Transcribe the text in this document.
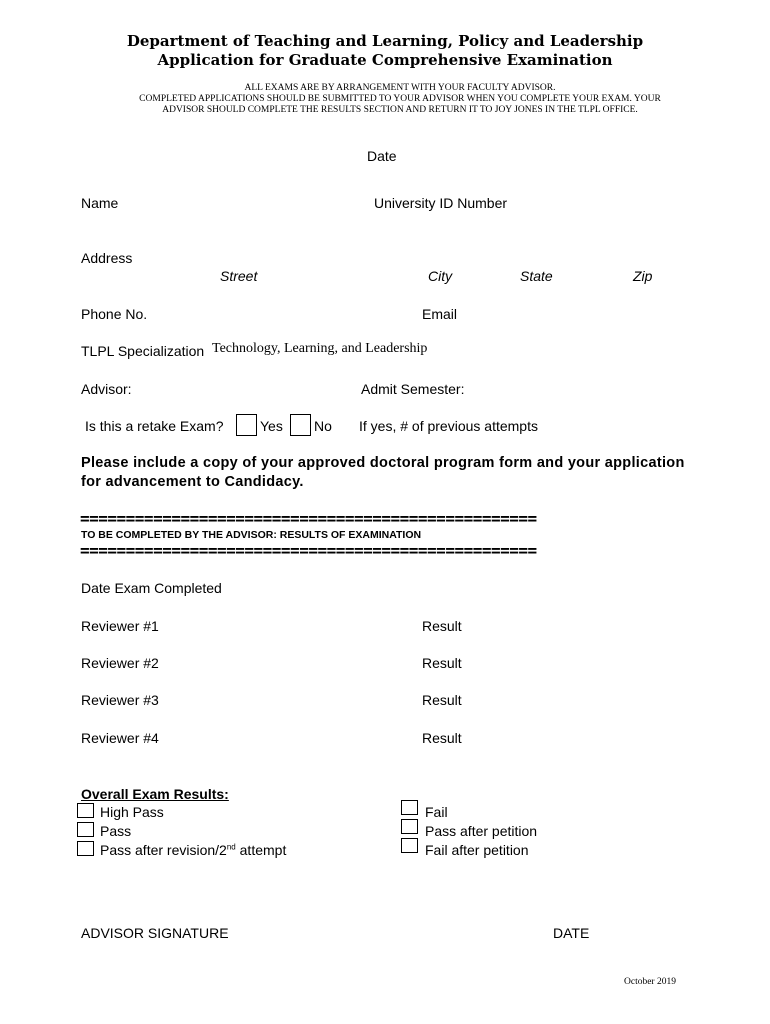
Department of Teaching and Learning, Policy and Leadership
Application for Graduate Comprehensive Examination
ALL EXAMS ARE BY ARRANGEMENT WITH YOUR FACULTY ADVISOR.
COMPLETED APPLICATIONS SHOULD BE SUBMITTED TO YOUR ADVISOR WHEN YOU COMPLETE YOUR EXAM. YOUR
ADVISOR SHOULD COMPLETE THE RESULTS SECTION AND RETURN IT TO JOY JONES IN THE TLPL OFFICE.
Date
Name	University ID Number
Address
Street	City	State	Zip
Phone No.	Email
TLPL Specialization Technology, Learning, and Leadership
Advisor:	Admit Semester:
Is this a retake Exam?	Yes No If yes, # of previous attempts
Please include a copy of your approved doctoral program form and your application
for advancement to Candidacy.
==================================================
TO BE COMPLETED BY THE ADVISOR: RESULTS OF EXAMINATION
==================================================
Date Exam Completed
Reviewer #1	Result
Reviewer #2	Result
Reviewer #3	Result
Reviewer #4	Result
Overall Exam Results:
High Pass
Pass
Pass after revision/2nd attempt
Fail
Pass after petition
Fail after petition
ADVISOR SIGNATURE	DATE
October 2019
